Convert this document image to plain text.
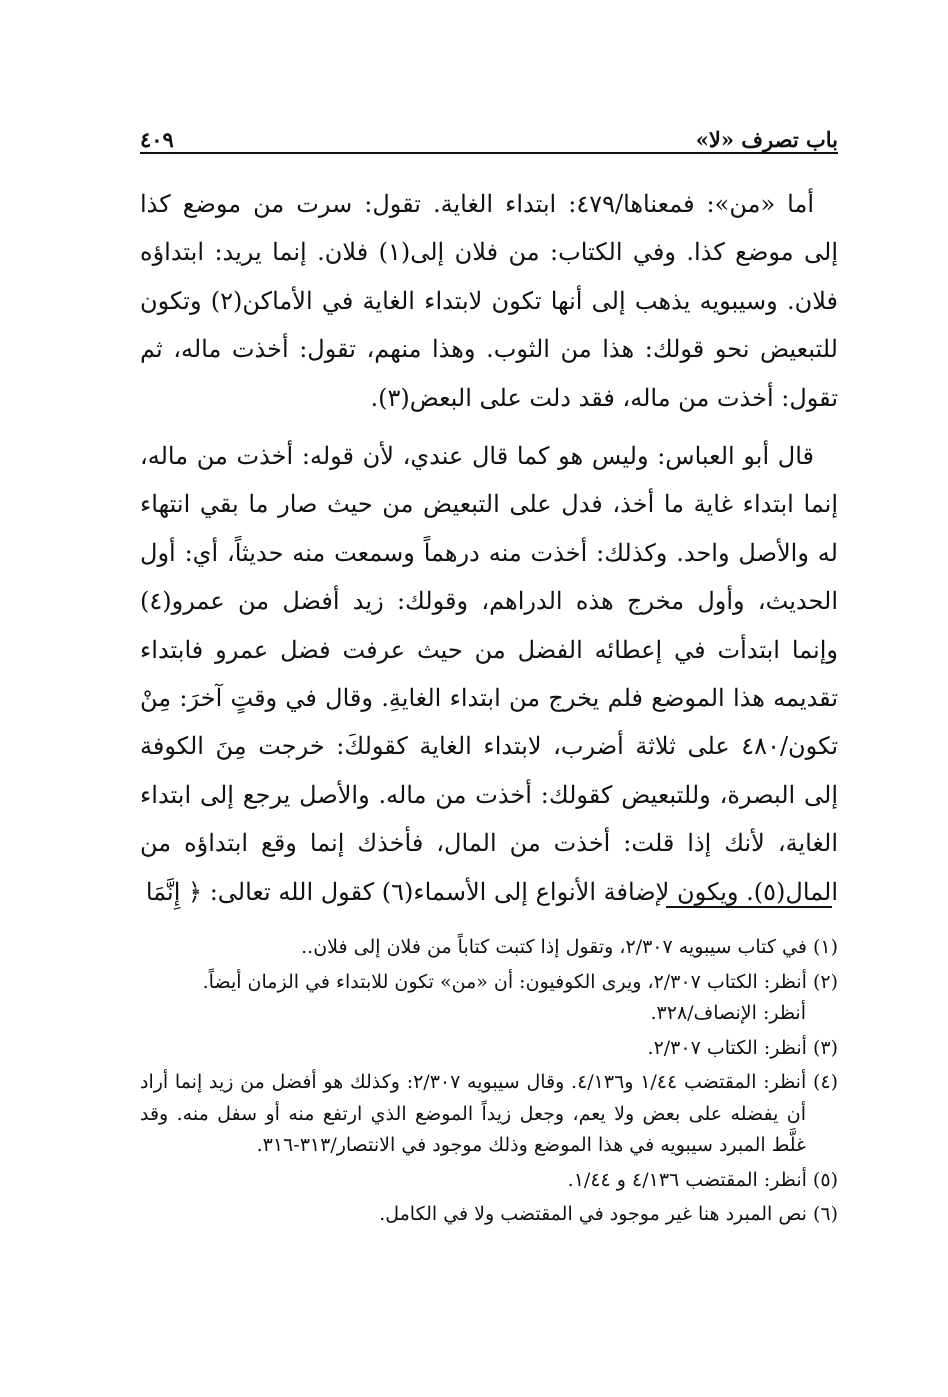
باب تصرف «لا»
٤٠٩

أما «من»: فمعناها/٤٧٩: ابتداء الغاية. تقول: سرت من موضع كذا إلى موضع كذا. وفي الكتاب: من فلان إلى(١) فلان. إنما يريد: ابتداؤه فلان. وسيبويه يذهب إلى أنها تكون لابتداء الغاية في الأماكن(٢) وتكون للتبعيض نحو قولك: هذا من الثوب. وهذا منهم، تقول: أخذت ماله، ثم تقول: أخذت من ماله، فقد دلت على البعض(٣).

قال أبو العباس: وليس هو كما قال عندي، لأن قوله: أخذت من ماله، إنما ابتداء غاية ما أخذ، فدل على التبعيض من حيث صار ما بقي انتهاء له والأصل واحد. وكذلك: أخذت منه درهماً وسمعت منه حديثاً، أي: أول الحديث، وأول مخرج هذه الدراهم، وقولك: زيد أفضل من عمرو(٤) وإنما ابتدأت في إعطائه الفضل من حيث عرفت فضل عمرو فابتداء تقديمه هذا الموضع فلم يخرج من ابتداء الغايةِ. وقال في وقتٍ آخرَ: مِنْ تكون/٤٨٠ على ثلاثة أضرب، لابتداء الغاية كقولكَ: خرجت مِنَ الكوفة إلى البصرة، وللتبعيض كقولك: أخذت من ماله. والأصل يرجع إلى ابتداء الغاية، لأنك إذا قلت: أخذت من المال، فأخذك إنما وقع ابتداؤه من المال(٥). ويكون لإضافة الأنواع إلى الأسماء(٦) كقول الله تعالى: ﴿ إِنَّمَا

(١) في كتاب سيبويه ٢/٣٠٧، وتقول إذا كتبت كتاباً من فلان إلى فلان..

(٢) أنظر: الكتاب ٢/٣٠٧، ويرى الكوفيون: أن «من» تكون للابتداء في الزمان أيضاً.
أنظر: الإنصاف/٣٢٨.

(٣) أنظر: الكتاب ٢/٣٠٧.

(٤) أنظر: المقتضب ١/٤٤ و٤/١٣٦. وقال سيبويه ٢/٣٠٧: وكذلك هو أفضل من زيد إنما أراد أن يفضله على بعض ولا يعم، وجعل زيداً الموضع الذي ارتفع منه أو سفل منه. وقد غلَّط المبرد سيبويه في هذا الموضع وذلك موجود في الانتصار/٣١٣-٣١٦.

(٥) أنظر: المقتضب ٤/١٣٦ و ١/٤٤.

(٦) نص المبرد هنا غير موجود في المقتضب ولا في الكامل.
